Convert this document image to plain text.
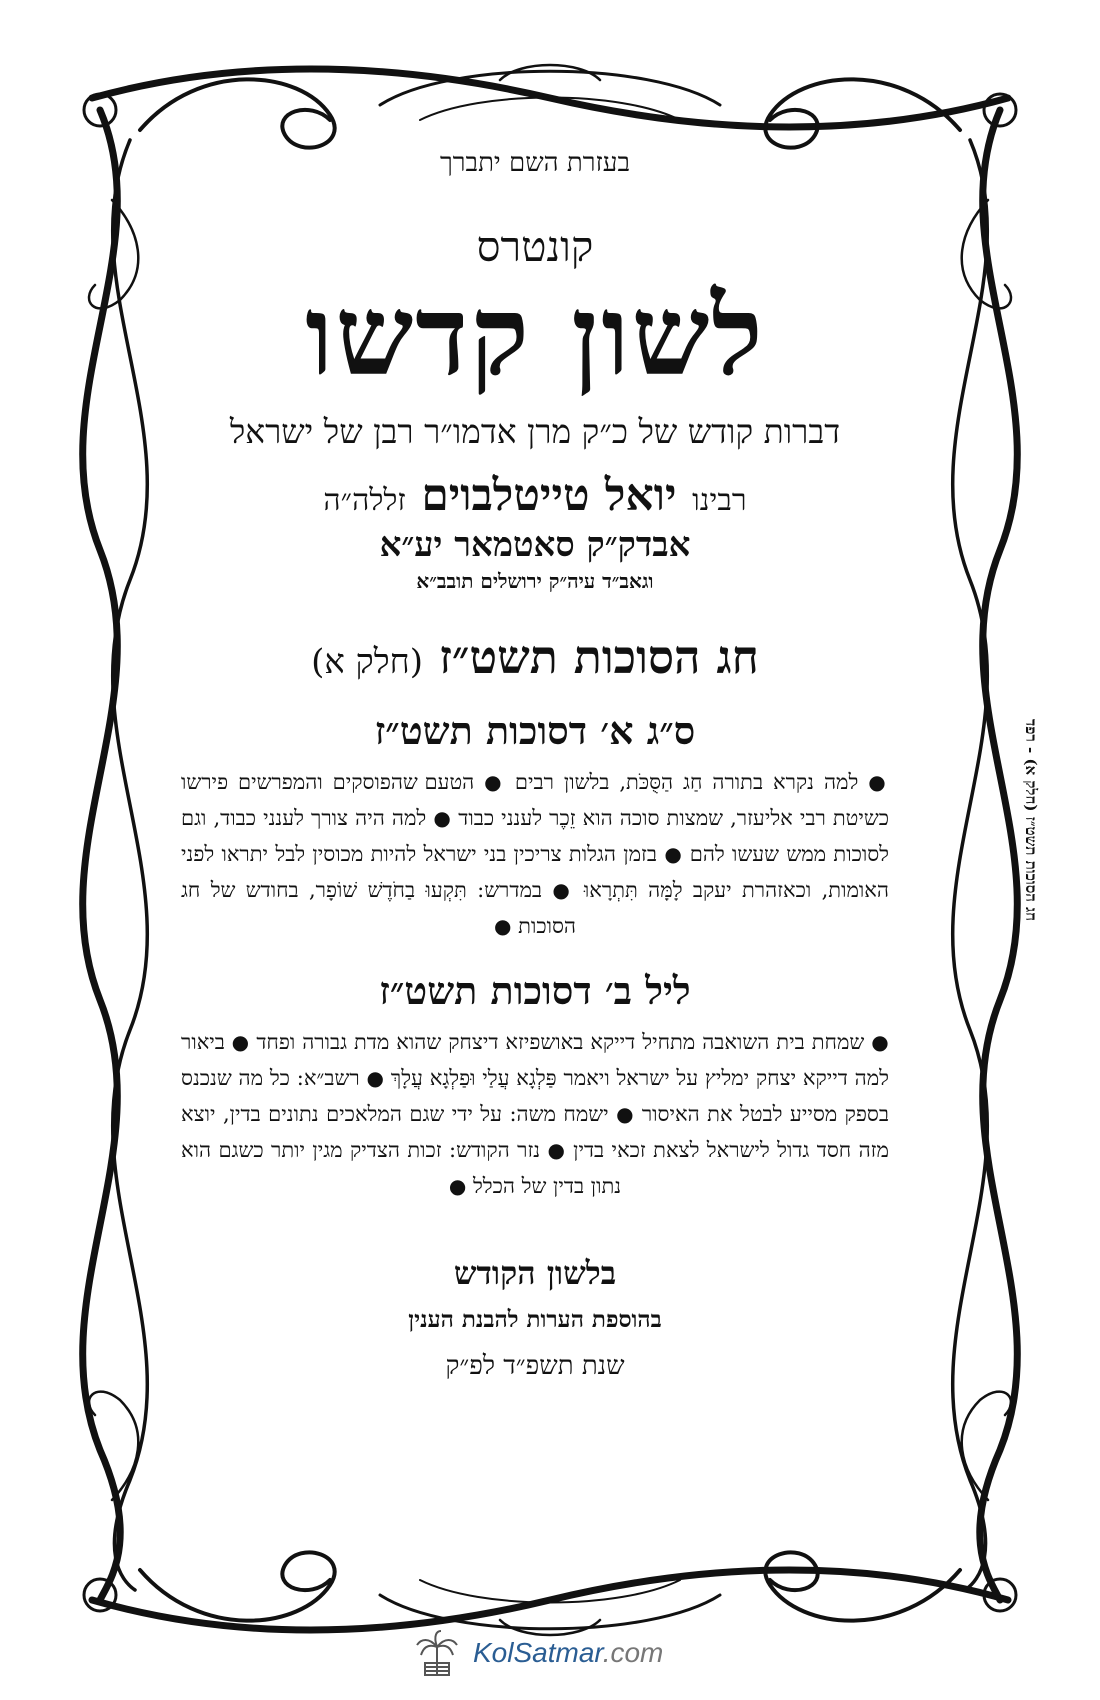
בעזרת השם יתברך
קונטרס
לשון קדשו
דברות קודש של כ״ק מרן אדמו״ר רבן של ישראל
רבינו יואל טייטלבוים זללה״ה
אבדק״ק סאטמאר יע״א
וגאב״ד עיה״ק ירושלים תובב״א
חג הסוכות תשט״ז (חלק א)
ס״ג א׳ דסוכות תשט״ז
● למה נקרא בתורה חַג הַסֻּכֹּת, בלשון רבים ● הטעם שהפוסקים והמפרשים פירשו כשיטת רבי אליעזר, שמצות סוכה הוא זֵכֶר לענני כבוד ● למה היה צורך לענני כבוד, וגם לסוכות ממש שעשו להם ● בזמן הגלות צריכין בני ישראל להיות מכוסין לבל יתראו לפני האומות, וכאזהרת יעקב לָמָּה תִּתְרָאוּ ● במדרש: תִּקְעוּ בַחֹדֶשׁ שׁוֹפָר, בחודש של חג הסוכות ●
ליל ב׳ דסוכות תשט״ז
● שמחת בית השואבה מתחיל דייקא באושפיזא דיצחק שהוא מדת גבורה ופחד ● ביאור למה דייקא יצחק ימליץ על ישראל ויאמר פַּלְגָא עֲלַי וּפַלְגָא עֲלָךְ ● רשב״א: כל מה שנכנס בספק מסייע לבטל את האיסור ● ישמח משה: על ידי שגם המלאכים נתונים בדין, יוצא מזה חסד גדול לישראל לצאת זכאי בדין ● נזר הקודש: זכות הצדיק מגין יותר כשגם הוא נתון בדין של הכלל ●
בלשון הקודש
בהוספת הערות להבנת הענין
שנת תשפ״ד לפ״ק
חג הסוכות תשט״ז (חלק א) - רפד
KolSatmar.com
